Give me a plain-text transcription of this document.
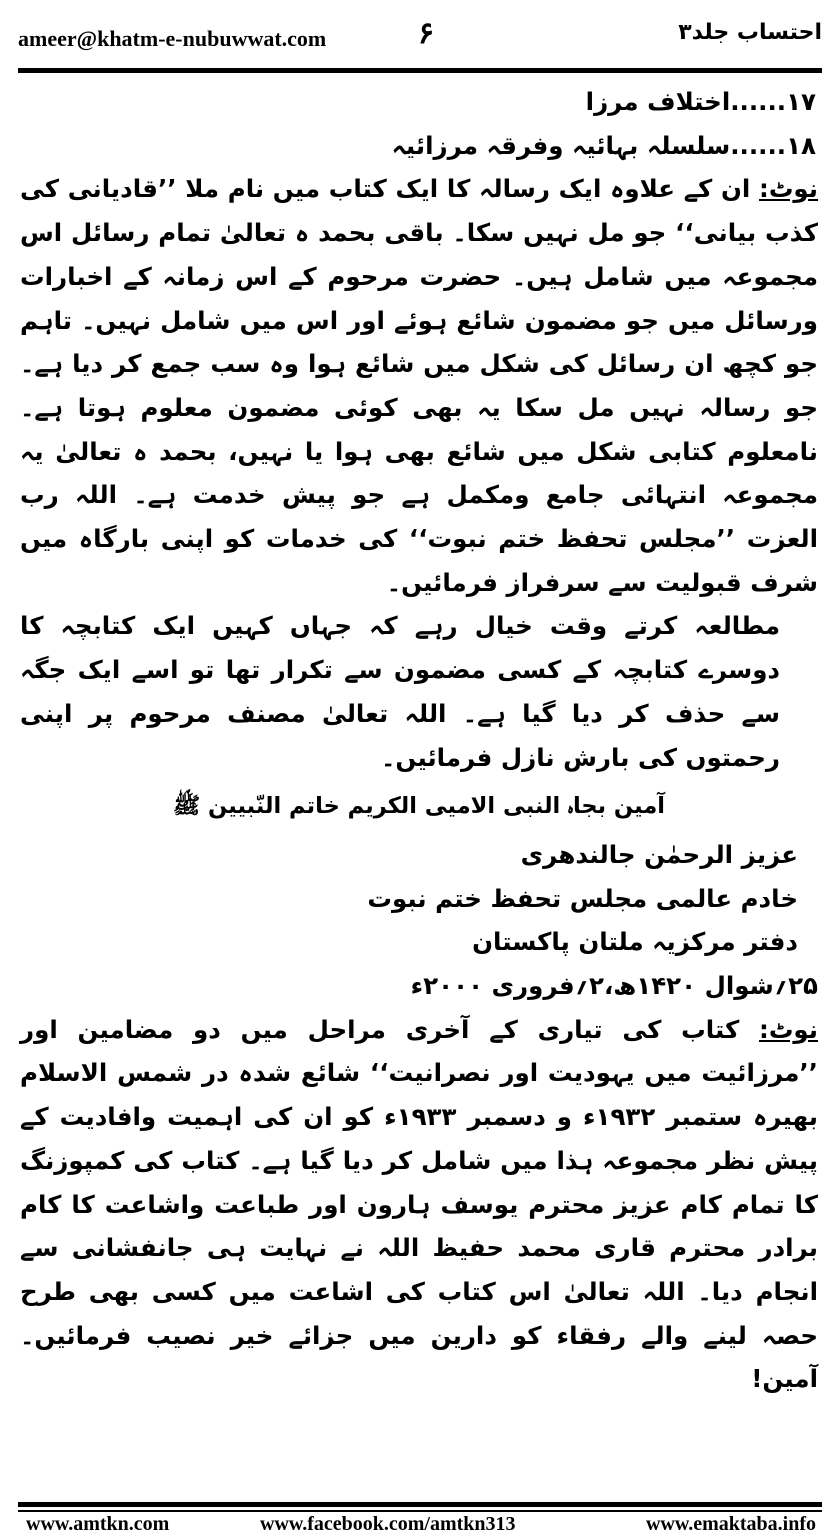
ameer@khatm-e-nubuwwat.com	۶	احتساب جلد۳

۱۷......اختلاف مرزا

۱۸......سلسلہ بہائیہ وفرقہ مرزائیہ

نوٹ: ان کے علاوہ ایک رسالہ کا ایک کتاب میں نام ملا ’’قادیانی کی کذب بیانی‘‘ جو مل نہیں سکا۔ باقی بحمد ہ تعالیٰ تمام رسائل اس مجموعہ میں شامل ہیں۔ حضرت مرحوم کے اس زمانہ کے اخبارات ورسائل میں جو مضمون شائع ہوئے اور اس میں شامل نہیں۔ تاہم جو کچھ ان رسائل کی شکل میں شائع ہوا وہ سب جمع کر دیا ہے۔ جو رسالہ نہیں مل سکا یہ بھی کوئی مضمون معلوم ہوتا ہے۔ نامعلوم کتابی شکل میں شائع بھی ہوا یا نہیں، بحمد ہ تعالیٰ یہ مجموعہ انتہائی جامع ومکمل ہے جو پیش خدمت ہے۔ اللہ رب العزت ’’مجلس تحفظ ختم نبوت‘‘ کی خدمات کو اپنی بارگاہ میں شرف قبولیت سے سرفراز فرمائیں۔

مطالعہ کرتے وقت خیال رہے کہ جہاں کہیں ایک کتابچہ کا دوسرے کتابچہ کے کسی مضمون سے تکرار تھا تو اسے ایک جگہ سے حذف کر دیا گیا ہے۔ اللہ تعالیٰ مصنف مرحوم پر اپنی رحمتوں کی بارش نازل فرمائیں۔

آمین بجاہ النبی الامیی الکریم خاتم النّبیین ﷺ

عزیز الرحمٰن جالندھری

خادم عالمی مجلس تحفظ ختم نبوت

دفتر مرکزیہ ملتان پاکستان

۲۵؍شوال ۱۴۲۰ھ،۲؍فروری ۲۰۰۰ء

نوٹ: کتاب کی تیاری کے آخری مراحل میں دو مضامین اور ’’مرزائیت میں یہودیت اور نصرانیت‘‘ شائع شدہ در شمس الاسلام بھیرہ ستمبر ۱۹۳۲ء و دسمبر ۱۹۳۳ء کو ان کی اہمیت وافادیت کے پیش نظر مجموعہ ہذا میں شامل کر دیا گیا ہے۔ کتاب کی کمپوزنگ کا تمام کام عزیز محترم یوسف ہارون اور طباعت واشاعت کا کام برادر محترم قاری محمد حفیظ اللہ نے نہایت ہی جانفشانی سے انجام دیا۔ اللہ تعالیٰ اس کتاب کی اشاعت میں کسی بھی طرح حصہ لینے والے رفقاء کو دارین میں جزائے خیر نصیب فرمائیں۔ آمین!

www.amtkn.com	www.facebook.com/amtkn313	www.emaktaba.info
